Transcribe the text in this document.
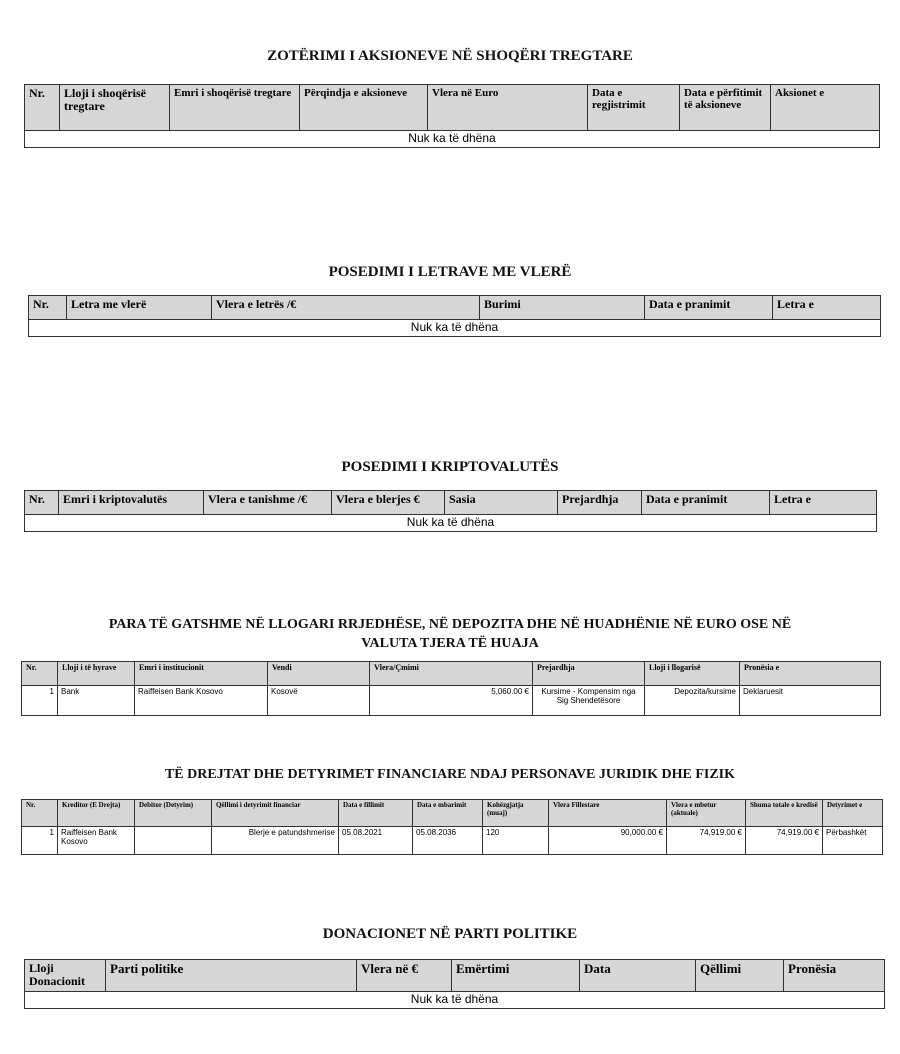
ZOTËRIMI I AKSIONEVE NË SHOQËRI TREGTARE
Nr.	Lloji i shoqërisë tregtare	Emri i shoqërisë tregtare	Përqindja e aksioneve	Vlera në Euro	Data e regjistrimit	Data e përfitimit të aksioneve	Aksionet e
Nuk ka të dhëna
POSEDIMI I LETRAVE ME VLERË
Nr.	Letra me vlerë	Vlera e letrës /€	Burimi	Data e pranimit	Letra e
Nuk ka të dhëna
POSEDIMI I KRIPTOVALUTËS
Nr.	Emri i kriptovalutës	Vlera e tanishme /€	Vlera e blerjes €	Sasia	Prejardhja	Data e pranimit	Letra e
Nuk ka të dhëna
PARA TË GATSHME NË LLOGARI RRJEDHËSE, NË DEPOZITA DHE NË HUADHËNIE NË EURO OSE NË
VALUTA TJERA TË HUAJA
Nr.	Lloji i të hyrave	Emri i institucionit	Vendi	Vlera/Çmimi	Prejardhja	Lloji i llogarisë	Pronësia e
1	Bank	Raiffeisen Bank Kosovo	Kosovë	5,060.00 €	Kursime - Kompensim nga Sig Shendetësore	Depozita/kursime	Deklaruesit
TË DREJTAT DHE DETYRIMET FINANCIARE NDAJ PERSONAVE JURIDIK DHE FIZIK
Nr.	Kreditor (E Drejta)	Debitor (Detyrim)	Qëllimi i detyrimit financiar	Data e fillimit	Data e mbarimit	Kohëzgjatja (muaj)	Vlera Fillestare	Vlera e mbetur (aktuale)	Shuma totale e kredisë	Detyrimet e
1	Raiffeisen Bank Kosovo		Blerje e patundshmerise	05.08.2021	05.08.2036	120	90,000.00 €	74,919.00 €	74,919.00 €	Përbashkët
DONACIONET NË PARTI POLITIKE
Lloji Donacionit	Parti politike	Vlera në €	Emërtimi	Data	Qëllimi	Pronësia
Nuk ka të dhëna
